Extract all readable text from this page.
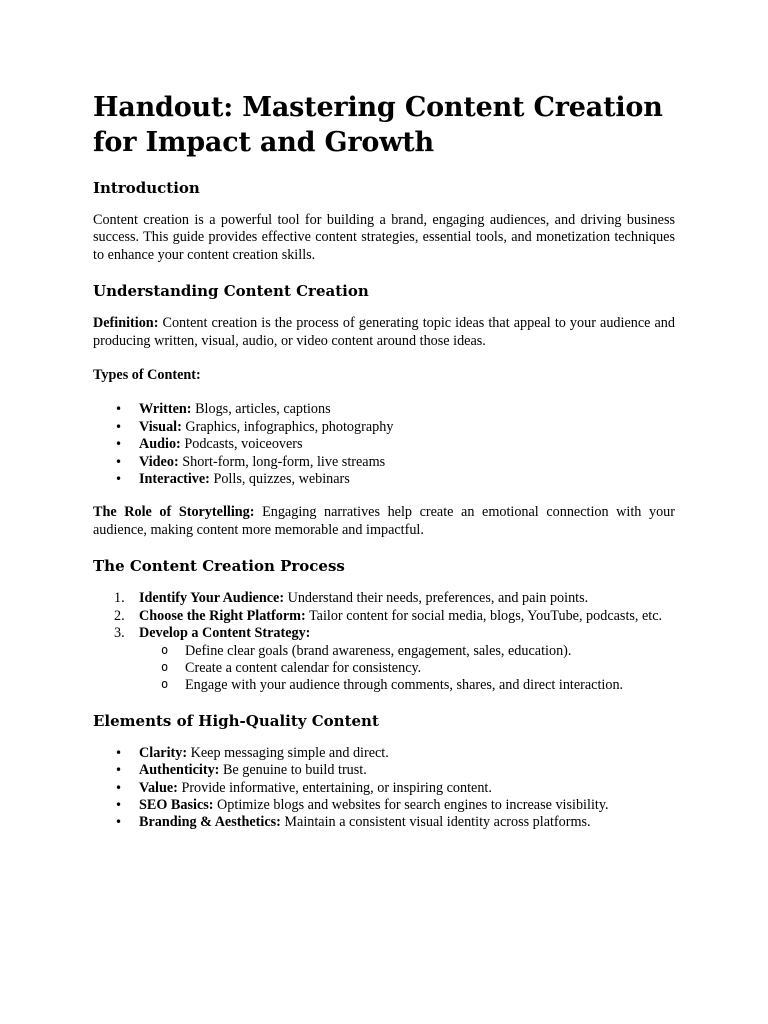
Handout: Mastering Content Creation for Impact and Growth
Introduction

Content creation is a powerful tool for building a brand, engaging audiences, and driving business success. This guide provides effective content strategies, essential tools, and monetization techniques to enhance your content creation skills.

Understanding Content Creation

Definition: Content creation is the process of generating topic ideas that appeal to your audience and producing written, visual, audio, or video content around those ideas.

Types of Content:

• Written: Blogs, articles, captions
• Visual: Graphics, infographics, photography
• Audio: Podcasts, voiceovers
• Video: Short-form, long-form, live streams
• Interactive: Polls, quizzes, webinars

The Role of Storytelling: Engaging narratives help create an emotional connection with your audience, making content more memorable and impactful.

The Content Creation Process
1. Identify Your Audience: Understand their needs, preferences, and pain points.
2. Choose the Right Platform: Tailor content for social media, blogs, YouTube, podcasts, etc.
3. Develop a Content Strategy:
o Define clear goals (brand awareness, engagement, sales, education).
o Create a content calendar for consistency.
o Engage with your audience through comments, shares, and direct interaction.
Elements of High-Quality Content
• Clarity: Keep messaging simple and direct.
• Authenticity: Be genuine to build trust.
• Value: Provide informative, entertaining, or inspiring content.
• SEO Basics: Optimize blogs and websites for search engines to increase visibility.
• Branding & Aesthetics: Maintain a consistent visual identity across platforms.
